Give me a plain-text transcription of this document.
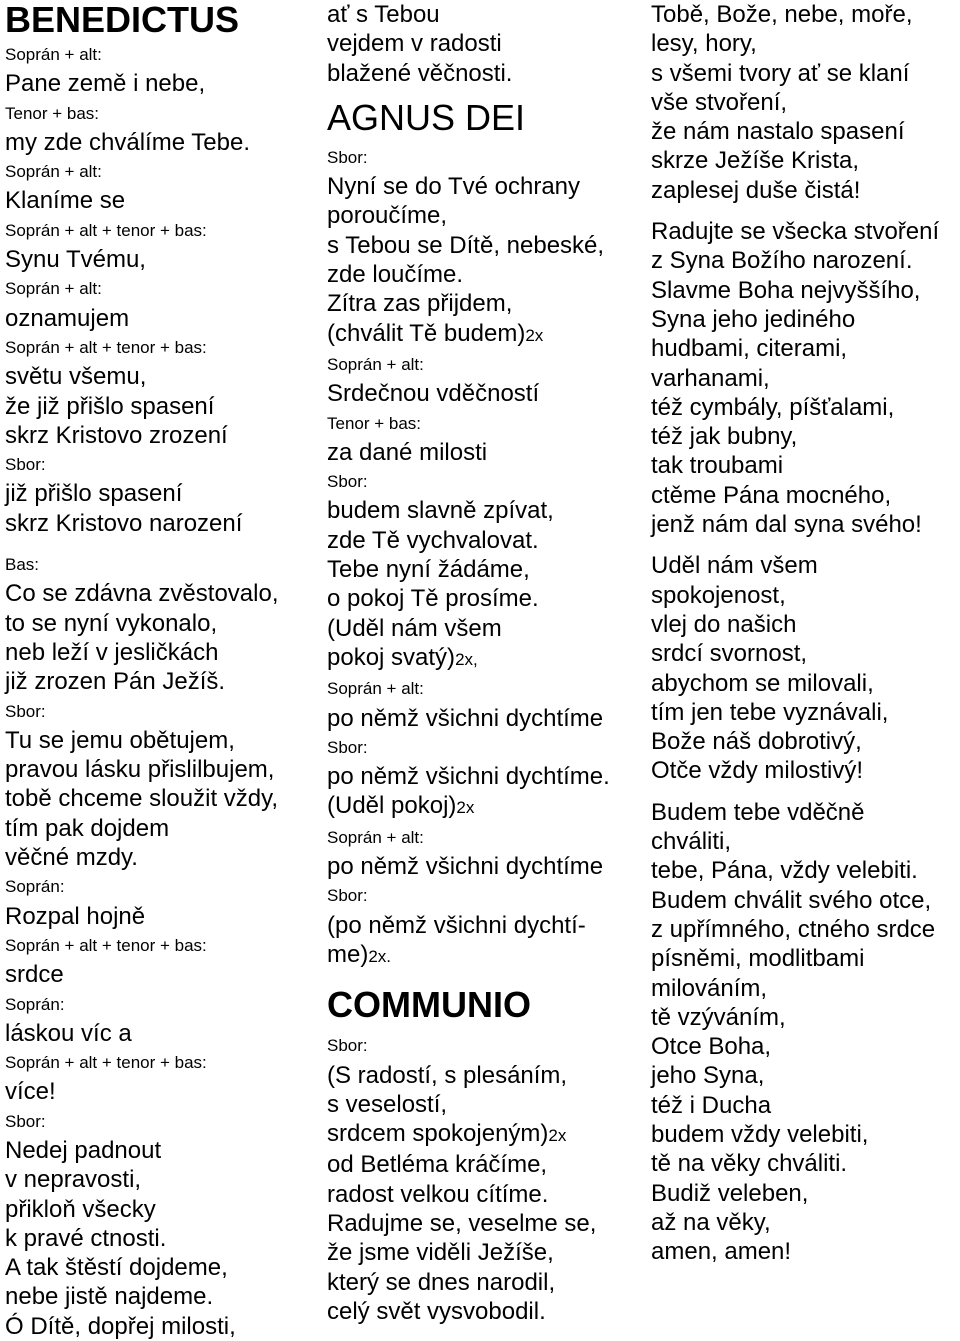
BENEDICTUS
Soprán + alt:
Pane země i nebe,
Tenor + bas:
my zde chválíme Tebe.
Soprán + alt:
Klaníme se
Soprán + alt + tenor + bas:
Synu Tvému,
Soprán + alt:
oznamujem
Soprán + alt + tenor + bas:
světu všemu,
že již přišlo spasení
skrz Kristovo zrození
Sbor:
již přišlo spasení
skrz Kristovo narození
Bas:
Co se zdávna zvěstovalo,
to se nyní vykonalo,
neb leží v jesličkách
již zrozen Pán Ježíš.
Sbor:
Tu se jemu obětujem,
pravou lásku přislilbujem,
tobě chceme sloužit vždy,
tím pak dojdem
věčné mzdy.
Soprán:
Rozpal hojně
Soprán + alt + tenor + bas:
srdce
Soprán:
láskou víc a
Soprán + alt + tenor + bas:
více!
Sbor:
Nedej padnout
v nepravosti,
přikloň všecky
k pravé ctnosti.
A tak štěstí dojdeme,
nebe jistě najdeme.
Ó Dítě, dopřej milosti,
ať s Tebou
vejdem v radosti
blažené věčnosti.
AGNUS DEI
Sbor:
Nyní se do Tvé ochrany
poroučíme,
s Tebou se Dítě, nebeské,
zde loučíme.
Zítra zas přijdem,
(chválit Tě budem)2x
Soprán + alt:
Srdečnou vděčností
Tenor + bas:
za dané milosti
Sbor:
budem slavně zpívat,
zde Tě vychvalovat.
Tebe nyní žádáme,
o pokoj Tě prosíme.
(Uděl nám všem
pokoj svatý)2x,
Soprán + alt:
po němž všichni dychtíme
Sbor:
po němž všichni dychtíme.
(Uděl pokoj)2x
Soprán + alt:
po němž všichni dychtíme
Sbor:
(po němž všichni dychtí-
me)2x.
COMMUNIO
Sbor:
(S radostí, s plesáním,
s veselostí,
srdcem spokojeným)2x
od Betléma kráčíme,
radost velkou cítíme.
Radujme se, veselme se,
že jsme viděli Ježíše,
který se dnes narodil,
celý svět vysvobodil.
Tobě, Bože, nebe, moře,
lesy, hory,
s všemi tvory ať se klaní
vše stvoření,
že nám nastalo spasení
skrze Ježíše Krista,
zaplesej duše čistá!
Radujte se všecka stvoření
z Syna Božího narození.
Slavme Boha nejvyššího,
Syna jeho jediného
hudbami, citerami,
varhanami,
též cymbály, píšťalami,
též jak bubny,
tak troubami
ctěme Pána mocného,
jenž nám dal syna svého!
Uděl nám všem
spokojenost,
vlej do našich
srdcí svornost,
abychom se milovali,
tím jen tebe vyznávali,
Bože náš dobrotivý,
Otče vždy milostivý!
Budem tebe vděčně
chváliti,
tebe, Pána, vždy velebiti.
Budem chválit svého otce,
z upřímného, ctného srdce
písněmi, modlitbami
milováním,
tě vzýváním,
Otce Boha,
jeho Syna,
též i Ducha
budem vždy velebiti,
tě na věky chváliti.
Budiž veleben,
až na věky,
amen, amen!
